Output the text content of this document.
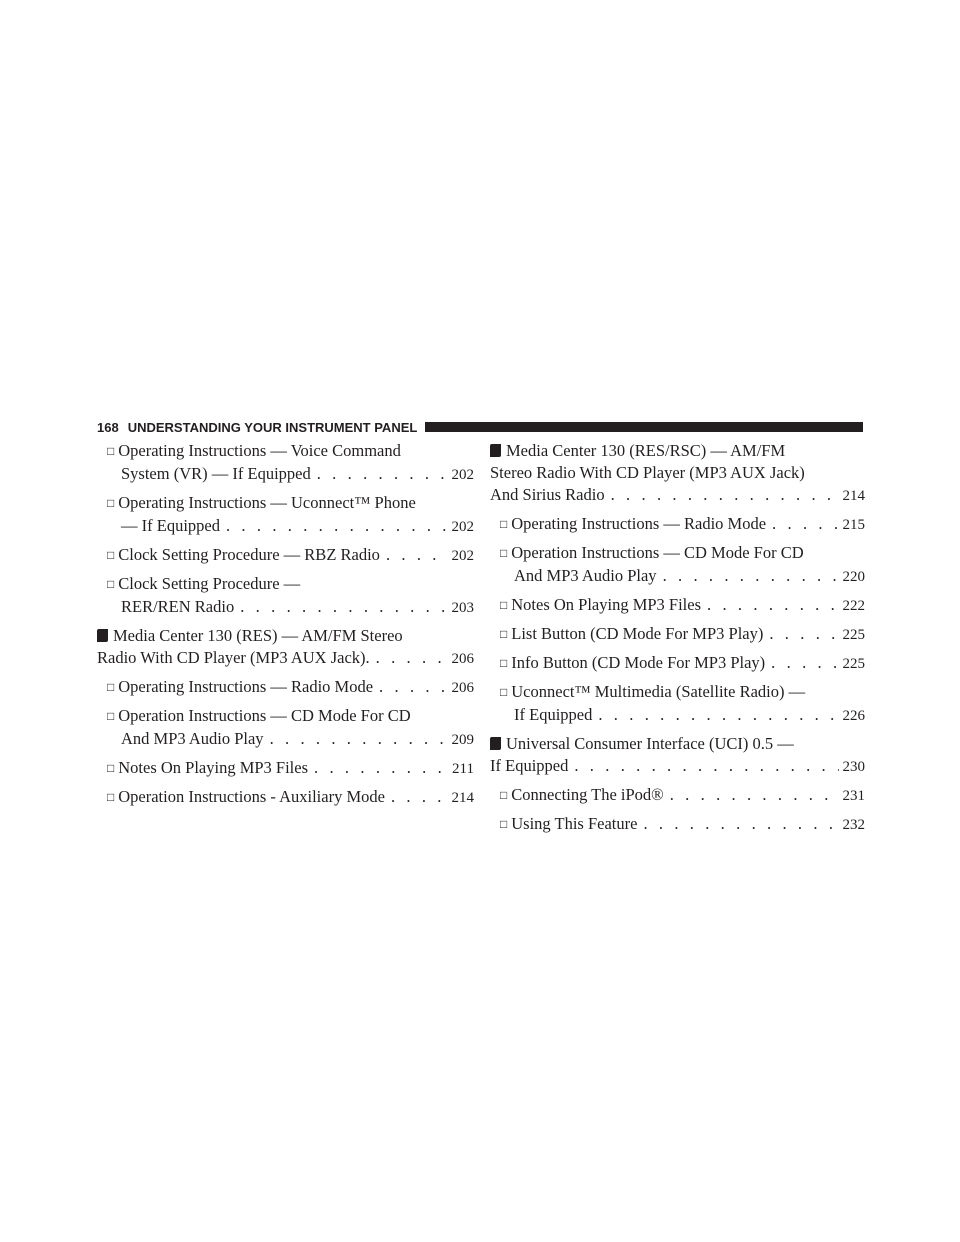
168 UNDERSTANDING YOUR INSTRUMENT PANEL
□ Operating Instructions — Voice Command
System (VR) — If Equipped . . .	202
□ Operating Instructions — Uconnect™ Phone
— If Equipped . . .	202
□ Clock Setting Procedure — RBZ Radio . . .	202
□ Clock Setting Procedure —
RER/REN Radio . . .	203
Media Center 130 (RES) — AM/FM Stereo
Radio With CD Player (MP3 AUX Jack). . . .	206
□ Operating Instructions — Radio Mode . . .	206
□ Operation Instructions — CD Mode For CD
And MP3 Audio Play . . .	209
□ Notes On Playing MP3 Files . . .	211
□ Operation Instructions - Auxiliary Mode . . .	214
Media Center 130 (RES/RSC) — AM/FM
Stereo Radio With CD Player (MP3 AUX Jack)
And Sirius Radio . . .	214
□ Operating Instructions — Radio Mode . . .	215
□ Operation Instructions — CD Mode For CD
And MP3 Audio Play . . .	220
□ Notes On Playing MP3 Files . . .	222
□ List Button (CD Mode For MP3 Play) . . .	225
□ Info Button (CD Mode For MP3 Play) . . .	225
□ Uconnect™ Multimedia (Satellite Radio) —
If Equipped . . .	226
Universal Consumer Interface (UCI) 0.5 —
If Equipped . . .	230
□ Connecting The iPod® . . .	231
□ Using This Feature . . .	232
